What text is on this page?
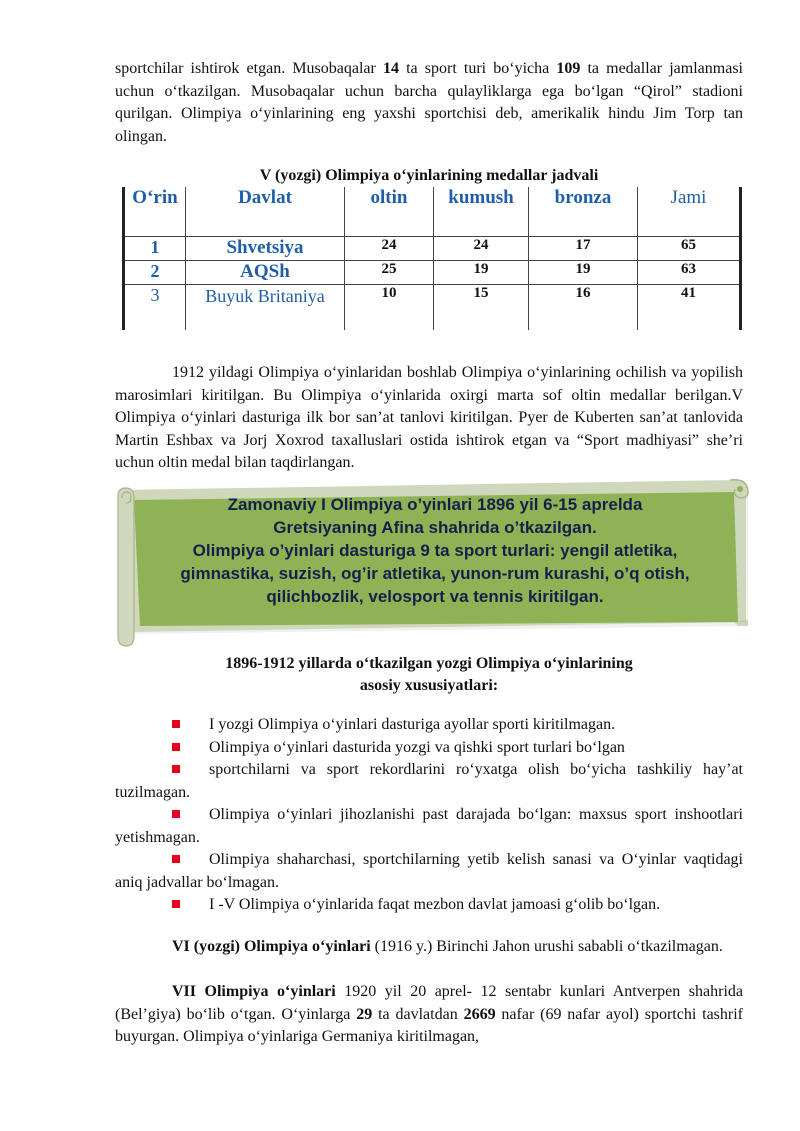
sportchilar ishtirok etgan. Musobaqalar 14 ta sport turi bo‘yicha 109 ta medallar jamlanmasi uchun o‘tkazilgan. Musobaqalar uchun barcha qulayliklarga ega bo‘lgan “Qirol” stadioni qurilgan. Olimpiya o‘yinlarining eng yaxshi sportchisi deb, amerikalik hindu Jim Torp tan olingan.

V (yozgi) Olimpiya o‘yinlarining medallar jadvali
O‘rin	Davlat	oltin	kumush	bronza	Jami
1	Shvetsiya	24	24	17	65
2	AQSh	25	19	19	63
3	Buyuk Britaniya	10	15	16	41

1912 yildagi Olimpiya o‘yinlaridan boshlab Olimpiya o‘yinlarining ochilish va yopilish marosimlari kiritilgan. Bu Olimpiya o‘yinlarida oxirgi marta sof oltin medallar berilgan.V Olimpiya o‘yinlari dasturiga ilk bor san’at tanlovi kiritilgan. Pyer de Kuberten san’at tanlovida Martin Eshbax va Jorj Xoxrod taxalluslari ostida ishtirok etgan va “Sport madhiyasi” she’ri uchun oltin medal bilan taqdirlangan.

1896-1912 yillarda o‘tkazilgan yozgi Olimpiya o‘yinlarining
asosiy xususiyatlari:
I yozgi Olimpiya o‘yinlari dasturiga ayollar sporti kiritilmagan.
Olimpiya o‘yinlari dasturida yozgi va qishki sport turlari bo‘lgan
sportchilarni va sport rekordlarini ro‘yxatga olish bo‘yicha tashkiliy hay’at tuzilmagan.
Olimpiya o‘yinlari jihozlanishi past darajada bo‘lgan: maxsus sport inshootlari yetishmagan.
Olimpiya shaharchasi, sportchilarning yetib kelish sanasi va O‘yinlar vaqtidagi aniq jadvallar bo‘lmagan.
I -V Olimpiya o‘yinlarida faqat mezbon davlat jamoasi g‘olib bo‘lgan.

VI (yozgi) Olimpiya o‘yinlari (1916 y.) Birinchi Jahon urushi sababli o‘tkazilmagan.

VII Olimpiya o‘yinlari 1920 yil 20 aprel- 12 sentabr kunlari Antverpen shahrida (Bel’giya) bo‘lib o‘tgan. O‘yinlarga 29 ta davlatdan 2669 nafar (69 nafar ayol) sportchi tashrif buyurgan. Olimpiya o‘yinlariga Germaniya kiritilmagan,

Zamonaviy I Olimpiya o’yinlari 1896 yil 6-15 aprelda
Gretsiyaning Afina shahrida o’tkazilgan.
Olimpiya o’yinlari dasturiga 9 ta sport turlari: yengil atletika,
gimnastika, suzish, og’ir atletika, yunon-rum kurashi, o’q otish,
qilichbozlik, velosport va tennis kiritilgan.
